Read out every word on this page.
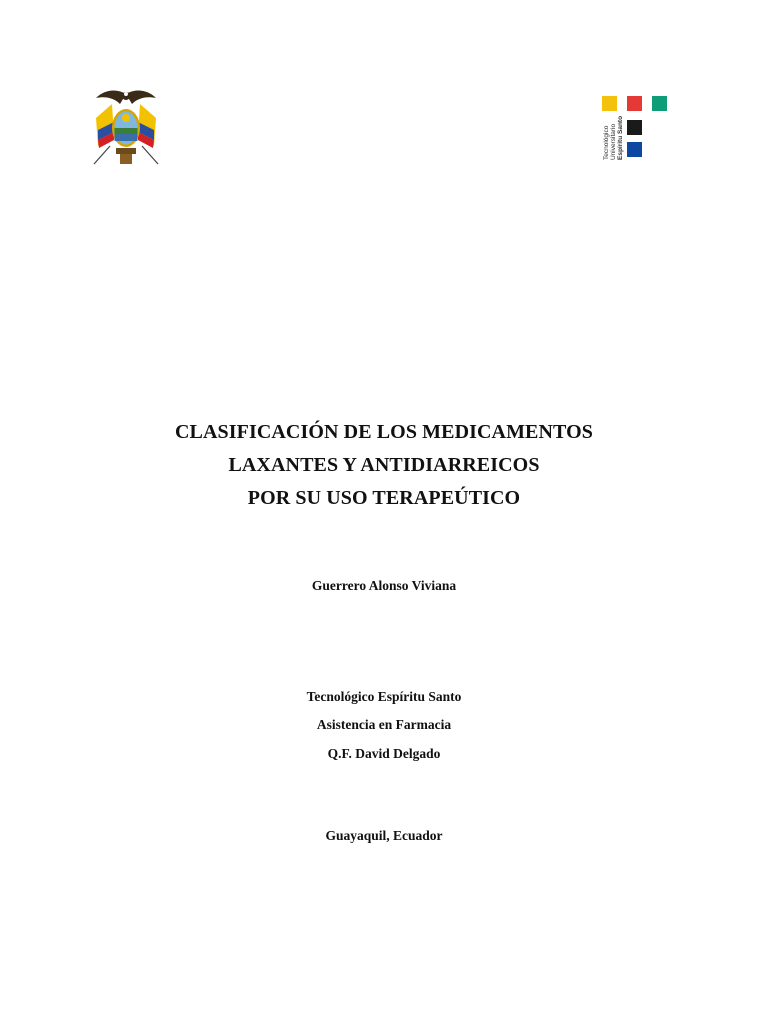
Tecnológico Universitario Espíritu Santo
CLASIFICACIÓN DE LOS MEDICAMENTOS
LAXANTES Y ANTIDIARREICOS
POR SU USO TERAPEÚTICO
Guerrero Alonso Viviana
Tecnológico Espíritu Santo
Asistencia en Farmacia
Q.F. David Delgado
Guayaquil, Ecuador
